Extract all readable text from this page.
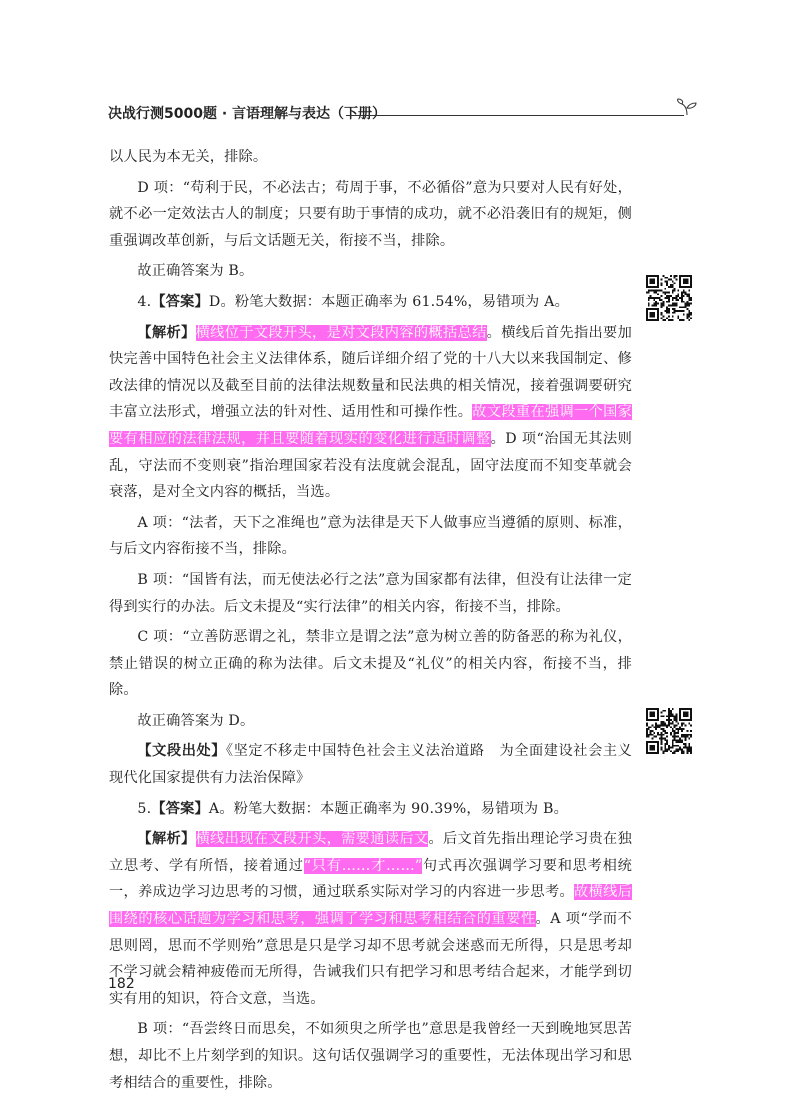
决战行测5000题 · 言语理解与表达（下册）

以人民为本无关，排除。

D 项：“苟利于民，不必法古；苟周于事，不必循俗”意为只要对人民有好处，就不必一定效法古人的制度；只要有助于事情的成功，就不必沿袭旧有的规矩，侧重强调改革创新，与后文话题无关，衔接不当，排除。

故正确答案为 B。

4.【答案】D。粉笔大数据：本题正确率为 61.54%，易错项为 A。

【解析】横线位于文段开头，是对文段内容的概括总结。横线后首先指出要加快完善中国特色社会主义法律体系，随后详细介绍了党的十八大以来我国制定、修改法律的情况以及截至目前的法律法规数量和民法典的相关情况，接着强调要研究丰富立法形式，增强立法的针对性、适用性和可操作性。故文段重在强调一个国家要有相应的法律法规，并且要随着现实的变化进行适时调整。D 项“治国无其法则乱，守法而不变则衰”指治理国家若没有法度就会混乱，固守法度而不知变革就会衰落，是对全文内容的概括，当选。

A 项：“法者，天下之准绳也”意为法律是天下人做事应当遵循的原则、标准，与后文内容衔接不当，排除。

B 项：“国皆有法，而无使法必行之法”意为国家都有法律，但没有让法律一定得到实行的办法。后文未提及“实行法律”的相关内容，衔接不当，排除。

C 项：“立善防恶谓之礼，禁非立是谓之法”意为树立善的防备恶的称为礼仪，禁止错误的树立正确的称为法律。后文未提及“礼仪”的相关内容，衔接不当，排除。

故正确答案为 D。

【文段出处】《坚定不移走中国特色社会主义法治道路　为全面建设社会主义现代化国家提供有力法治保障》

5.【答案】A。粉笔大数据：本题正确率为 90.39%，易错项为 B。

【解析】横线出现在文段开头，需要通读后文。后文首先指出理论学习贵在独立思考、学有所悟，接着通过“只有……才……”句式再次强调学习要和思考相统一，养成边学习边思考的习惯，通过联系实际对学习的内容进一步思考。故横线后围绕的核心话题为学习和思考，强调了学习和思考相结合的重要性。A 项“学而不思则罔，思而不学则殆”意思是只是学习却不思考就会迷惑而无所得，只是思考却不学习就会精神疲倦而无所得，告诫我们只有把学习和思考结合起来，才能学到切实有用的知识，符合文意，当选。

B 项：“吾尝终日而思矣，不如须臾之所学也”意思是我曾经一天到晚地冥思苦想，却比不上片刻学到的知识。这句话仅强调学习的重要性，无法体现出学习和思考相结合的重要性，排除。

182
